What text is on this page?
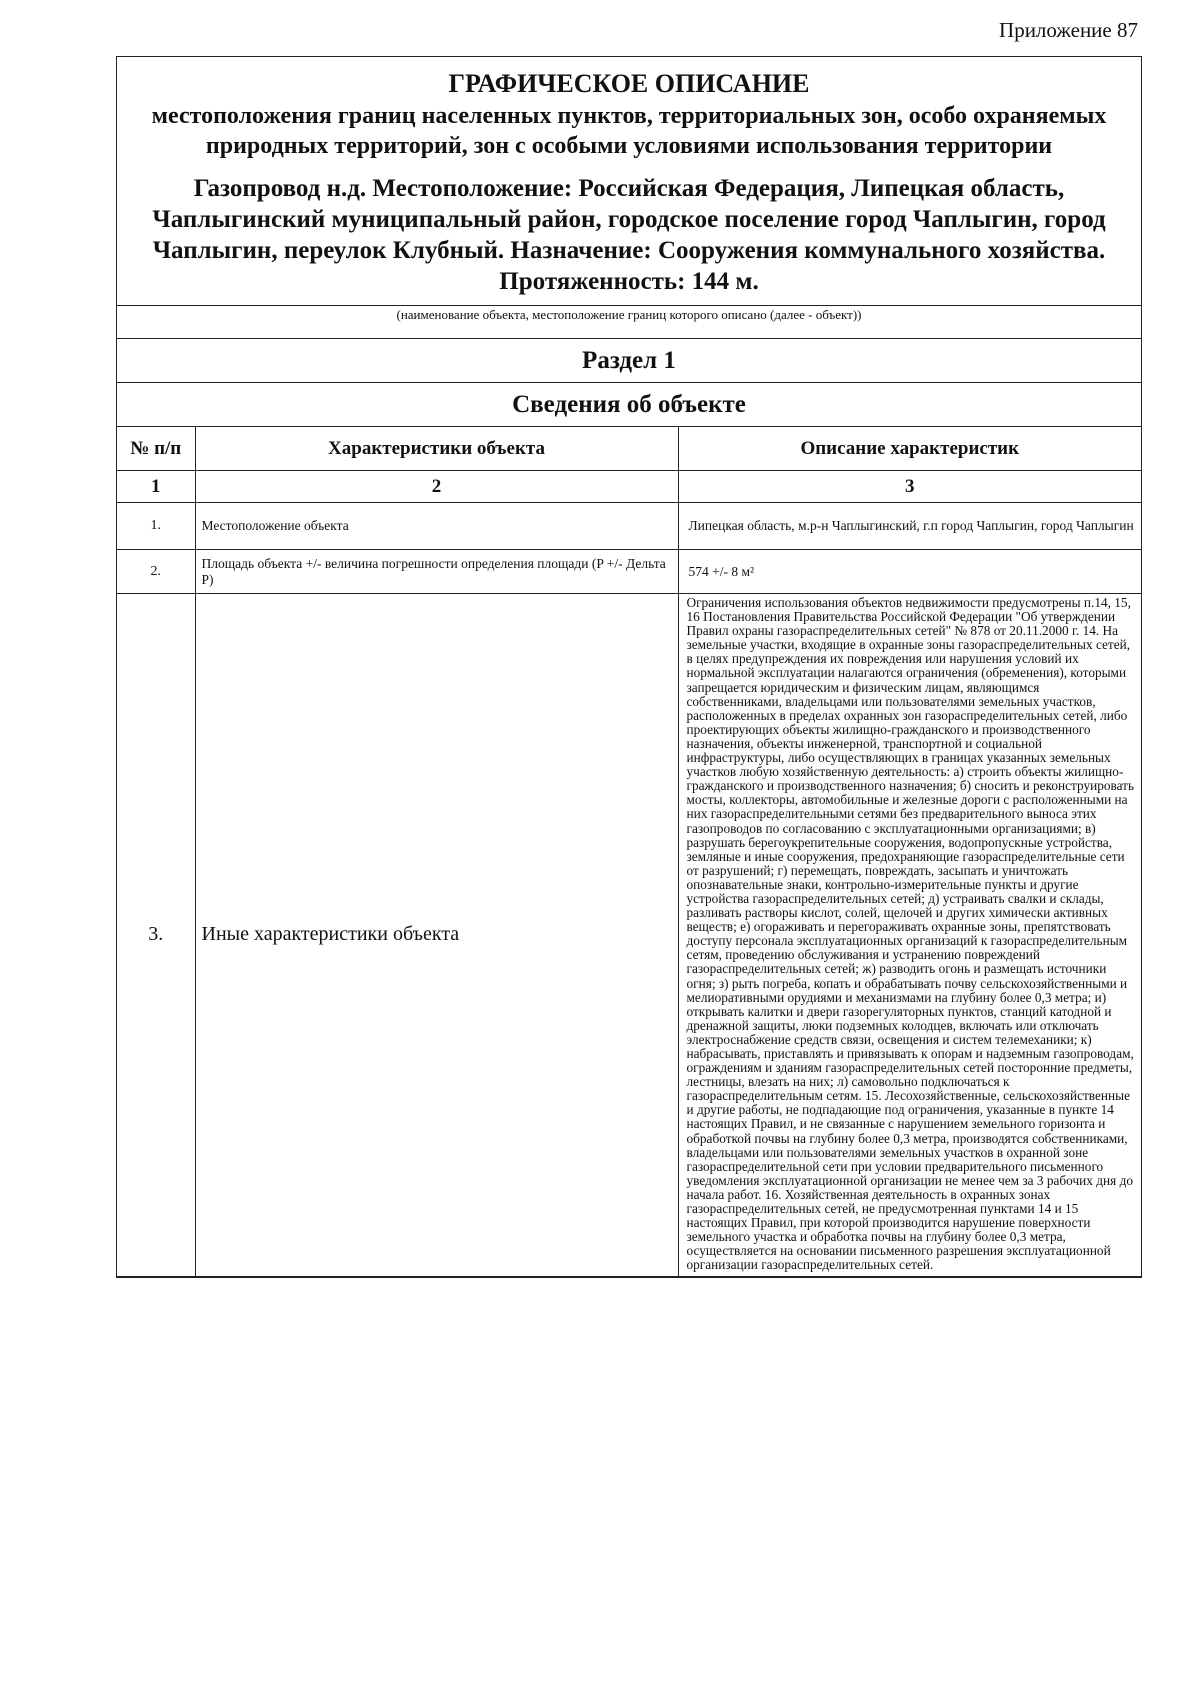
Приложение 87
ГРАФИЧЕСКОЕ ОПИСАНИЕ
местоположения границ населенных пунктов, территориальных зон, особо охраняемых природных территорий, зон с особыми условиями использования территории
Газопровод н.д. Местоположение: Российская Федерация, Липецкая область, Чаплыгинский муниципальный район, городское поселение город Чаплыгин, город Чаплыгин, переулок Клубный. Назначение: Сооружения коммунального хозяйства. Протяженность: 144 м.
(наименование объекта, местоположение границ которого описано (далее - объект))
Раздел 1
Сведения об объекте
№ п/п	Характеристики объекта	Описание характеристик
1	2	3
1.	Местоположение объекта	Липецкая область, м.р-н Чаплыгинский, г.п город Чаплыгин, город Чаплыгин
2.	Площадь объекта +/- величина погрешности определения площади (P +/- Дельта P)	574 +/- 8 м²
3.	Иные характеристики объекта	Ограничения использования объектов недвижимости предусмотрены п.14, 15, 16 Постановления Правительства Российской Федерации "Об утверждении Правил охраны газораспределительных сетей" № 878 от 20.11.2000 г. 14. На земельные участки, входящие в охранные зоны газораспределительных сетей, в целях предупреждения их повреждения или нарушения условий их нормальной эксплуатации налагаются ограничения (обременения), которыми запрещается юридическим и физическим лицам, являющимся собственниками, владельцами или пользователями земельных участков, расположенных в пределах охранных зон газораспределительных сетей, либо проектирующих объекты жилищно-гражданского и производственного назначения, объекты инженерной, транспортной и социальной инфраструктуры, либо осуществляющих в границах указанных земельных участков любую хозяйственную деятельность: а) строить объекты жилищно-гражданского и производственного назначения; б) сносить и реконструировать мосты, коллекторы, автомобильные и железные дороги с расположенными на них газораспределительными сетями без предварительного выноса этих газопроводов по согласованию с эксплуатационными организациями; в) разрушать берегоукрепительные сооружения, водопропускные устройства, земляные и иные сооружения, предохраняющие газораспределительные сети от разрушений; г) перемещать, повреждать, засыпать и уничтожать опознавательные знаки, контрольно-измерительные пункты и другие устройства газораспределительных сетей; д) устраивать свалки и склады, разливать растворы кислот, солей, щелочей и других химически активных веществ; е) огораживать и перегораживать охранные зоны, препятствовать доступу персонала эксплуатационных организаций к газораспределительным сетям, проведению обслуживания и устранению повреждений газораспределительных сетей; ж) разводить огонь и размещать источники огня; з) рыть погреба, копать и обрабатывать почву сельскохозяйственными и мелиоративными орудиями и механизмами на глубину более 0,3 метра; и) открывать калитки и двери газорегуляторных пунктов, станций катодной и дренажной защиты, люки подземных колодцев, включать или отключать электроснабжение средств связи, освещения и систем телемеханики; к) набрасывать, приставлять и привязывать к опорам и надземным газопроводам, ограждениям и зданиям газораспределительных сетей посторонние предметы, лестницы, влезать на них; л) самовольно подключаться к газораспределительным сетям. 15. Лесохозяйственные, сельскохозяйственные и другие работы, не подпадающие под ограничения, указанные в пункте 14 настоящих Правил, и не связанные с нарушением земельного горизонта и обработкой почвы на глубину более 0,3 метра, производятся собственниками, владельцами или пользователями земельных участков в охранной зоне газораспределительной сети при условии предварительного письменного уведомления эксплуатационной организации не менее чем за 3 рабочих дня до начала работ. 16. Хозяйственная деятельность в охранных зонах газораспределительных сетей, не предусмотренная пунктами 14 и 15 настоящих Правил, при которой производится нарушение поверхности земельного участка и обработка почвы на глубину более 0,3 метра, осуществляется на основании письменного разрешения эксплуатационной организации газораспределительных сетей.
